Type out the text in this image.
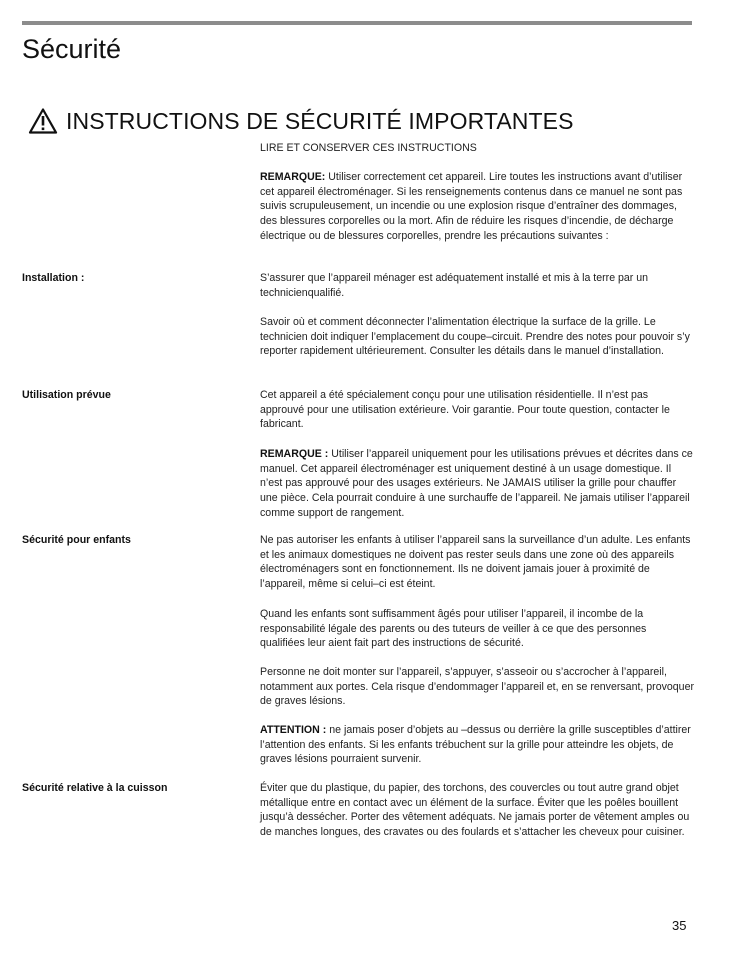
Sécurité
INSTRUCTIONS DE SÉCURITÉ IMPORTANTES

LIRE ET CONSERVER CES INSTRUCTIONS

REMARQUE: Utiliser correctement cet appareil. Lire toutes les instructions avant d’utiliser cet appareil électroménager. Si les renseignements contenus dans ce manuel ne sont pas suivis scrupuleusement, un incendie ou une explosion risque d’entraîner des dommages, des blessures corporelles ou la mort. Afin de réduire les risques d’incendie, de décharge électrique ou de blessures corporelles, prendre les précautions suivantes :

Installation :	S’assurer que l’appareil ménager est adéquatement installé et mis à la terre par un technicienqualifié.

Savoir où et comment déconnecter l’alimentation électrique la surface de la grille. Le technicien doit indiquer l’emplacement du coupe–circuit. Prendre des notes pour pouvoir s’y reporter rapidement ultérieurement. Consulter les détails dans le manuel d’installation.

Utilisation prévue	Cet appareil a été spécialement conçu pour une utilisation résidentielle. Il n’est pas approuvé pour une utilisation extérieure. Voir garantie. Pour toute question, contacter le fabricant.

REMARQUE : Utiliser l’appareil uniquement pour les utilisations prévues et décrites dans ce manuel. Cet appareil électroménager est uniquement destiné à un usage domestique. Il n’est pas approuvé pour des usages extérieurs. Ne JAMAIS utiliser la grille pour chauffer une pièce. Cela pourrait conduire à une surchauffe de l’appareil. Ne jamais utiliser l’appareil comme support de rangement.

Sécurité pour enfants	Ne pas autoriser les enfants à utiliser l’appareil sans la surveillance d’un adulte. Les enfants et les animaux domestiques ne doivent pas rester seuls dans une zone où des appareils électroménagers sont en fonctionnement. Ils ne doivent jamais jouer à proximité de l’appareil, même si celui–ci est éteint.

Quand les enfants sont suffisamment âgés pour utiliser l’appareil, il incombe de la responsabilité légale des parents ou des tuteurs de veiller à ce que des personnes qualifiées leur aient fait part des instructions de sécurité.

Personne ne doit monter sur l’appareil, s’appuyer, s’asseoir ou s’accrocher à l’appareil, notamment aux portes. Cela risque d’endommager l’appareil et, en se renversant, provoquer de graves lésions.

ATTENTION : ne jamais poser d’objets au –dessus ou derrière la grille susceptibles d’attirer l’attention des enfants. Si les enfants trébuchent sur la grille pour atteindre les objets, de graves lésions pourraient survenir.

Sécurité relative à la cuisson	Éviter que du plastique, du papier, des torchons, des couvercles ou tout autre grand objet métallique entre en contact avec un élément de la surface. Éviter que les poêles bouillent jusqu’à dessécher. Porter des vêtement adéquats. Ne jamais porter de vêtement amples ou de manches longues, des cravates ou des foulards et s’attacher les cheveux pour cuisiner.

35
